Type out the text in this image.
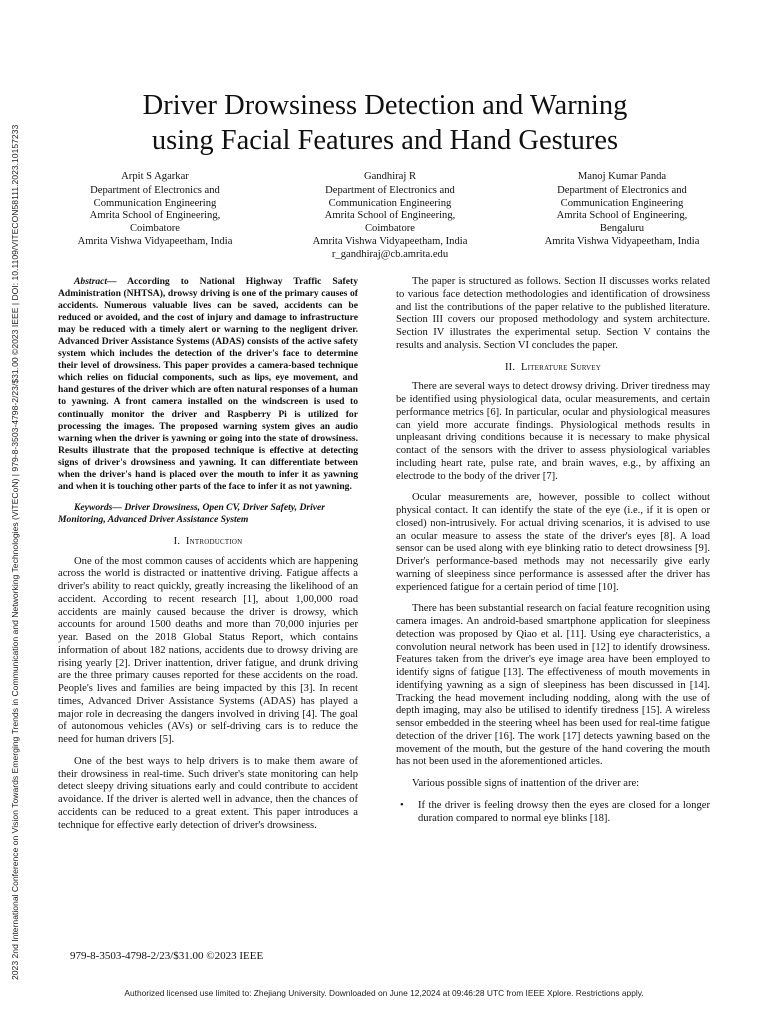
2023 2nd International Conference on Vision Towards Emerging Trends in Communication and Networking Technologies (ViTECoN) | 979-8-3503-4798-2/23/$31.00 ©2023 IEEE | DOI: 10.1109/VITECON58111.2023.10157233
Driver Drowsiness Detection and Warning
using Facial Features and Hand Gestures
Arpit S Agarkar
Department of Electronics and
Communication Engineering
Amrita School of Engineering,
Coimbatore
Amrita Vishwa Vidyapeetham, India
Gandhiraj R
Department of Electronics and
Communication Engineering
Amrita School of Engineering,
Coimbatore
Amrita Vishwa Vidyapeetham, India
r_gandhiraj@cb.amrita.edu
Manoj Kumar Panda
Department of Electronics and
Communication Engineering
Amrita School of Engineering,
Bengaluru
Amrita Vishwa Vidyapeetham, India

Abstract— According to National Highway Traffic Safety Administration (NHTSA), drowsy driving is one of the primary causes of accidents. Numerous valuable lives can be saved, accidents can be reduced or avoided, and the cost of injury and damage to infrastructure may be reduced with a timely alert or warning to the negligent driver. Advanced Driver Assistance Systems (ADAS) consists of the active safety system which includes the detection of the driver's face to determine their level of drowsiness. This paper provides a camera-based technique which relies on fiducial components, such as lips, eye movement, and hand gestures of the driver which are often natural responses of a human to yawning. A front camera installed on the windscreen is used to continually monitor the driver and Raspberry Pi is utilized for processing the images. The proposed warning system gives an audio warning when the driver is yawning or going into the state of drowsiness. Results illustrate that the proposed technique is effective at detecting signs of driver's drowsiness and yawning. It can differentiate between when the driver's hand is placed over the mouth to infer it as yawning and when it is touching other parts of the face to infer it as not yawning.

Keywords— Driver Drowsiness, Open CV, Driver Safety, Driver Monitoring, Advanced Driver Assistance System

I. Introduction

One of the most common causes of accidents which are happening across the world is distracted or inattentive driving. Fatigue affects a driver's ability to react quickly, greatly increasing the likelihood of an accident. According to recent research [1], about 1,00,000 road accidents are mainly caused because the driver is drowsy, which accounts for around 1500 deaths and more than 70,000 injuries per year. Based on the 2018 Global Status Report, which contains information of about 182 nations, accidents due to drowsy driving are rising yearly [2]. Driver inattention, driver fatigue, and drunk driving are the three primary causes reported for these accidents on the road. People's lives and families are being impacted by this [3]. In recent times, Advanced Driver Assistance Systems (ADAS) has played a major role in decreasing the dangers involved in driving [4]. The goal of autonomous vehicles (AVs) or self-driving cars is to reduce the need for human drivers [5].

One of the best ways to help drivers is to make them aware of their drowsiness in real-time. Such driver's state monitoring can help detect sleepy driving situations early and could contribute to accident avoidance. If the driver is alerted well in advance, then the chances of accidents can be reduced to a great extent. This paper introduces a technique for effective early detection of driver's drowsiness.

The paper is structured as follows. Section II discusses works related to various face detection methodologies and identification of drowsiness and list the contributions of the paper relative to the published literature. Section III covers our proposed methodology and system architecture. Section IV illustrates the experimental setup. Section V contains the results and analysis. Section VI concludes the paper.

II. Literature Survey

There are several ways to detect drowsy driving. Driver tiredness may be identified using physiological data, ocular measurements, and certain performance metrics [6]. In particular, ocular and physiological measures can yield more accurate findings. Physiological methods results in unpleasant driving conditions because it is necessary to make physical contact of the sensors with the driver to assess physiological variables including heart rate, pulse rate, and brain waves, e.g., by affixing an electrode to the body of the driver [7].

Ocular measurements are, however, possible to collect without physical contact. It can identify the state of the eye (i.e., if it is open or closed) non-intrusively. For actual driving scenarios, it is advised to use an ocular measure to assess the state of the driver's eyes [8]. A load sensor can be used along with eye blinking ratio to detect drowsiness [9]. Driver's performance-based methods may not necessarily give early warning of sleepiness since performance is assessed after the driver has experienced fatigue for a certain period of time [10].

There has been substantial research on facial feature recognition using camera images. An android-based smartphone application for sleepiness detection was proposed by Qiao et al. [11]. Using eye characteristics, a convolution neural network has been used in [12] to identify drowsiness. Features taken from the driver's eye image area have been employed to identify signs of fatigue [13]. The effectiveness of mouth movements in identifying yawning as a sign of sleepiness has been discussed in [14]. Tracking the head movement including nodding, along with the use of depth imaging, may also be utilised to identify tiredness [15]. A wireless sensor embedded in the steering wheel has been used for real-time fatigue detection of the driver [16]. The work [17] detects yawning based on the movement of the mouth, but the gesture of the hand covering the mouth has not been used in the aforementioned articles.

Various possible signs of inattention of the driver are:

• If the driver is feeling drowsy then the eyes are closed for a longer duration compared to normal eye blinks [18].
979-8-3503-4798-2/23/$31.00 ©2023 IEEE
Authorized licensed use limited to: Zhejiang University. Downloaded on June 12,2024 at 09:46:28 UTC from IEEE Xplore. Restrictions apply.
